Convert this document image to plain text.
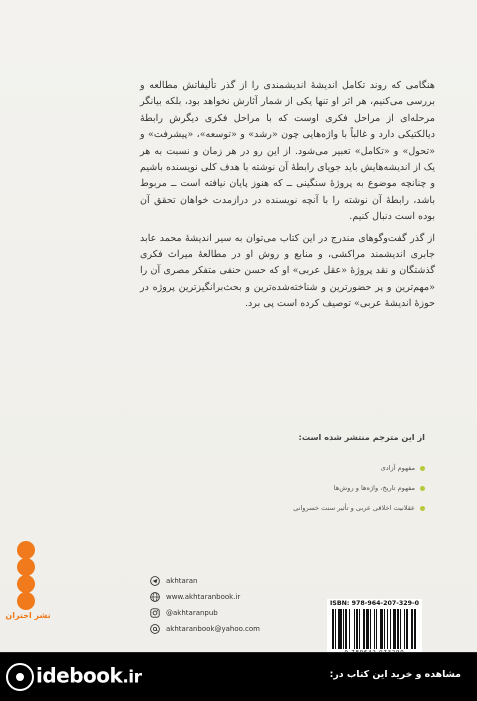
هنگامی که روند تکامل اندیشهٔ اندیشمندی را از گذر تألیفاتش مطالعه و بررسی می‌کنیم، هر اثر او تنها یکی از شمار آثارش نخواهد بود، بلکه بیانگر مرحله‌ای از مراحل فکری اوست که با مراحل فکری دیگرش رابطهٔ دیالکتیکی دارد و غالباً با واژه‌هایی چون «رشد» و «توسعه»، «پیشرفت» و «تحول» و «تکامل» تعبیر می‌شود. از این رو در هر زمان و نسبت به هر یک از اندیشه‌هایش باید جویای رابطهٔ آن نوشته با هدف کلی نویسنده باشیم و چنانچه موضوع به پروژهٔ سنگینی ــ که هنوز پایان نیافته است ــ مربوط باشد، رابطهٔ آن نوشته را با آنچه نویسنده در درازمدت خواهان تحقق آن بوده است دنبال کنیم.

از گذر گفت‌وگوهای مندرج در این کتاب می‌توان به سیر اندیشهٔ محمد عابد جابری اندیشمند مراکشی، و منابع و روش او در مطالعهٔ میراث فکری گذشتگان و نقد پروژهٔ «عقل عربی» او که حسن حنفی متفکر مصری آن را «مهم‌ترین و پر حضورترین و شناخته‌شده‌ترین و بحث‌برانگیزترین پروژه در حوزهٔ اندیشهٔ عربی» توصیف کرده است پی برد.

از این مترجم منتشر شده است:
مفهوم آزادی
مفهوم تاریخ، واژه‌ها و روش‌ها
عقلانیت اخلاقی عربی و تأثیر سنت خسروانی
akhtaran
www.akhtaranbook.ir
@akhtaranpub
akhtaranbook@yahoo.com
ISBN: 978-964-207-329-0
نشر اختران
idebook.ir	مشاهده و خرید این کتاب در:
